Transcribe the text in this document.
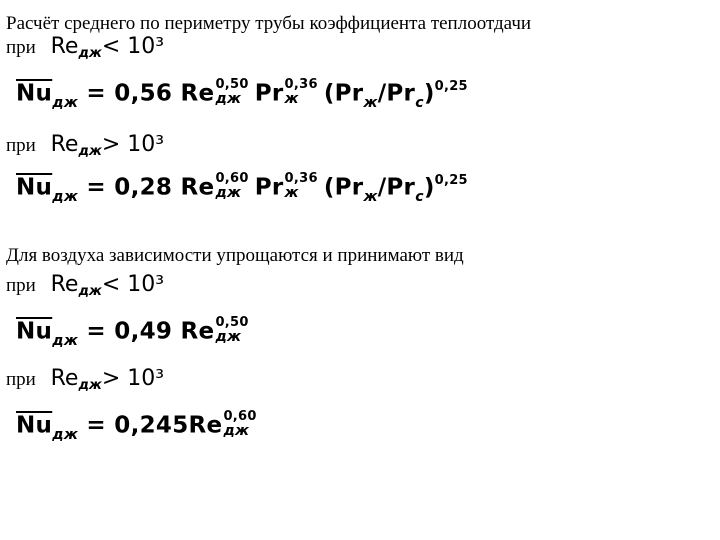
Расчёт среднего по периметру трубы коэффициента теплоотдачи
при Reдж< 10³
$\overline{Nu}_{дж} = 0,56$ Re 0,50
дж Pr 0,36
ж	$(Pr_ж/Pr_c)^{0,25}$
при Reдж> 10³
$\overline{Nu}_{дж} = 0,28$ Re 0,60
дж Pr 0,36
ж	$(Pr_ж/Pr_c)^{0,25}$
Для воздуха зависимости упрощаются и принимают вид
при Reдж< 10³
$\overline{Nu}_{дж} = 0,49$ Re 0,50
дж
при Reдж> 10³
$\overline{Nu}_{дж} = 0,245Re$ 0,60
дж
